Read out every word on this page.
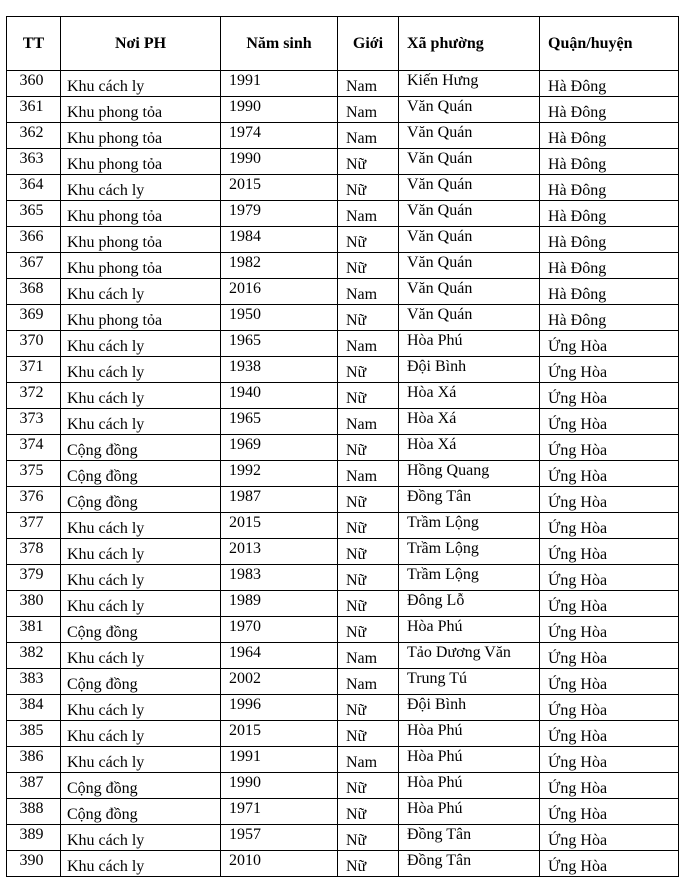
TT	Nơi PH	Năm sinh	Giới	Xã phường	Quận/huyện
360	Khu cách ly	1991	Nam	Kiến Hưng	Hà Đông
361	Khu phong tỏa	1990	Nam	Văn Quán	Hà Đông
362	Khu phong tỏa	1974	Nam	Văn Quán	Hà Đông
363	Khu phong tỏa	1990	Nữ	Văn Quán	Hà Đông
364	Khu cách ly	2015	Nữ	Văn Quán	Hà Đông
365	Khu phong tỏa	1979	Nam	Văn Quán	Hà Đông
366	Khu phong tỏa	1984	Nữ	Văn Quán	Hà Đông
367	Khu phong tỏa	1982	Nữ	Văn Quán	Hà Đông
368	Khu cách ly	2016	Nam	Văn Quán	Hà Đông
369	Khu phong tỏa	1950	Nữ	Văn Quán	Hà Đông
370	Khu cách ly	1965	Nam	Hòa Phú	Ứng Hòa
371	Khu cách ly	1938	Nữ	Đội Bình	Ứng Hòa
372	Khu cách ly	1940	Nữ	Hòa Xá	Ứng Hòa
373	Khu cách ly	1965	Nam	Hòa Xá	Ứng Hòa
374	Cộng đồng	1969	Nữ	Hòa Xá	Ứng Hòa
375	Cộng đồng	1992	Nam	Hồng Quang	Ứng Hòa
376	Cộng đồng	1987	Nữ	Đồng Tân	Ứng Hòa
377	Khu cách ly	2015	Nữ	Trầm Lộng	Ứng Hòa
378	Khu cách ly	2013	Nữ	Trầm Lộng	Ứng Hòa
379	Khu cách ly	1983	Nữ	Trầm Lộng	Ứng Hòa
380	Khu cách ly	1989	Nữ	Đông Lỗ	Ứng Hòa
381	Cộng đồng	1970	Nữ	Hòa Phú	Ứng Hòa
382	Khu cách ly	1964	Nam	Tảo Dương Văn	Ứng Hòa
383	Cộng đồng	2002	Nam	Trung Tú	Ứng Hòa
384	Khu cách ly	1996	Nữ	Đội Bình	Ứng Hòa
385	Khu cách ly	2015	Nữ	Hòa Phú	Ứng Hòa
386	Khu cách ly	1991	Nam	Hòa Phú	Ứng Hòa
387	Cộng đồng	1990	Nữ	Hòa Phú	Ứng Hòa
388	Cộng đồng	1971	Nữ	Hòa Phú	Ứng Hòa
389	Khu cách ly	1957	Nữ	Đồng Tân	Ứng Hòa
390	Khu cách ly	2010	Nữ	Đồng Tân	Ứng Hòa
